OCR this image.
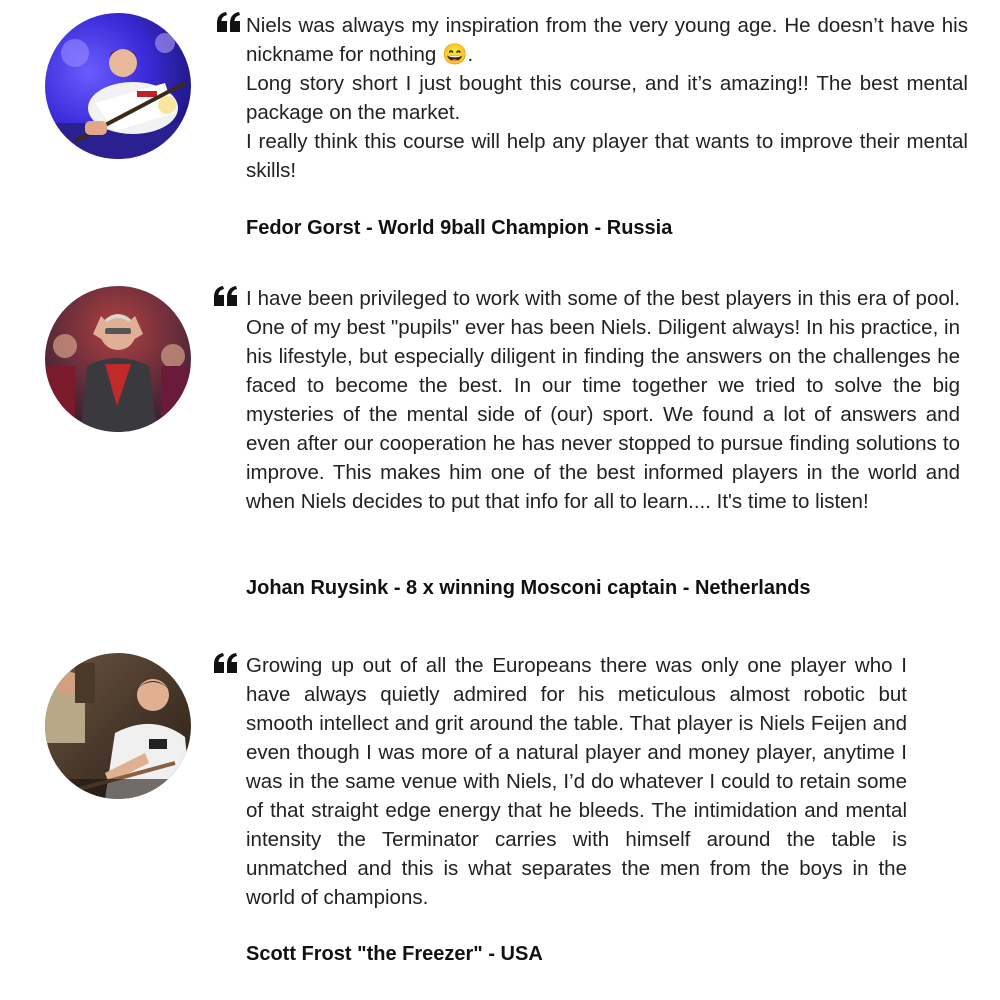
Niels was always my inspiration from the very young age. He doesn’t have his nickname for nothing 😄.
Long story short I just bought this course, and it’s amazing!! The best mental package on the market.
I really think this course will help any player that wants to improve their mental skills!
Fedor Gorst - World 9ball Champion - Russia
I have been privileged to work with some of the best players in this era of pool. One of my best "pupils" ever has been Niels. Diligent always! In his practice, in his lifestyle, but especially diligent in finding the answers on the challenges he faced to become the best. In our time together we tried to solve the big mysteries of the mental side of (our) sport. We found a lot of answers and even after our cooperation he has never stopped to pursue finding solutions to improve. This makes him one of the best informed players in the world and when Niels decides to put that info for all to learn.... It's time to listen!
Johan Ruysink - 8 x winning Mosconi captain - Netherlands
Growing up out of all the Europeans there was only one player who I have always quietly admired for his meticulous almost robotic but smooth intellect and grit around the table. That player is Niels Feijen and even though I was more of a natural player and money player, anytime I was in the same venue with Niels, I’d do whatever I could to retain some of that straight edge energy that he bleeds. The intimidation and mental intensity the Terminator carries with himself around the table is unmatched and this is what separates the men from the boys in the world of champions.
Scott Frost "the Freezer" - USA
